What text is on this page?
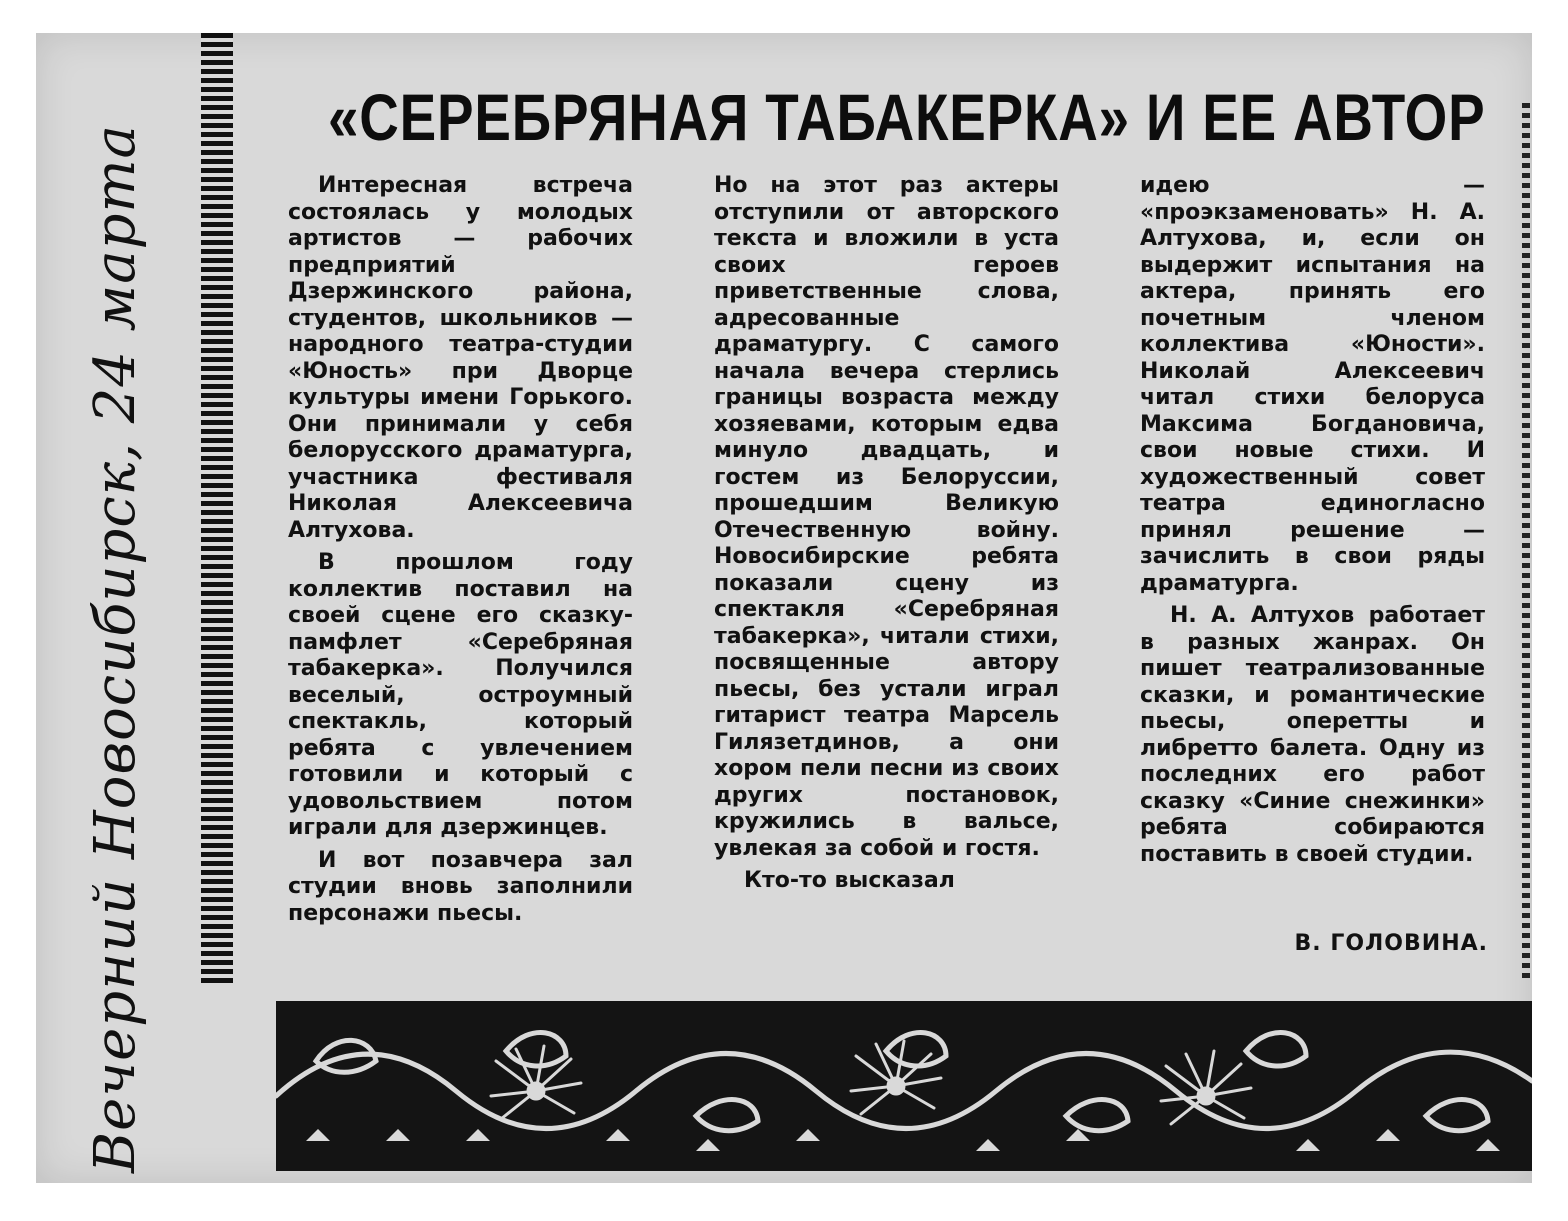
Вечерний Новосибирск, 24 марта
«СЕРЕБРЯНАЯ ТАБАКЕРКА» И ЕЕ АВТОР

Интересная встреча состоялась у молодых артистов — рабочих предприятий Дзержинского района, студентов, школьников — народного театра-студии «Юность» при Дворце культуры имени Горького. Они принимали у себя белорусского драматурга, участника фестиваля Николая Алексеевича Алтухова.

В прошлом году коллектив поставил на своей сцене его сказку-памфлет «Серебряная табакерка». Получился веселый, остроумный спектакль, который ребята с увлечением готовили и который с удовольствием потом играли для дзержинцев.

И вот позавчера зал студии вновь заполнили персонажи пьесы.

Но на этот раз актеры отступили от авторского текста и вложили в уста своих героев приветственные слова, адресованные драматургу. С самого начала вечера стерлись границы возраста между хозяевами, которым едва минуло двадцать, и гостем из Белоруссии, прошедшим Великую Отечественную войну. Новосибирские ребята показали сцену из спектакля «Серебряная табакерка», читали стихи, посвященные автору пьесы, без устали играл гитарист театра Марсель Гилязетдинов, а они хором пели песни из своих других постановок, кружились в вальсе, увлекая за собой и гостя.

Кто-то высказал

идею — «проэкзаменовать» Н. А. Алтухова, и, если он выдержит испытания на актера, принять его почетным членом коллектива «Юности». Николай Алексеевич читал стихи белоруса Максима Богдановича, свои новые стихи. И художественный совет театра единогласно принял решение — зачислить в свои ряды драматурга.

Н. А. Алтухов работает в разных жанрах. Он пишет театрализованные сказки, и романтические пьесы, оперетты и либретто балета. Одну из последних его работ сказку «Синие снежинки» ребята собираются поставить в своей студии.

В. ГОЛОВИНА.
